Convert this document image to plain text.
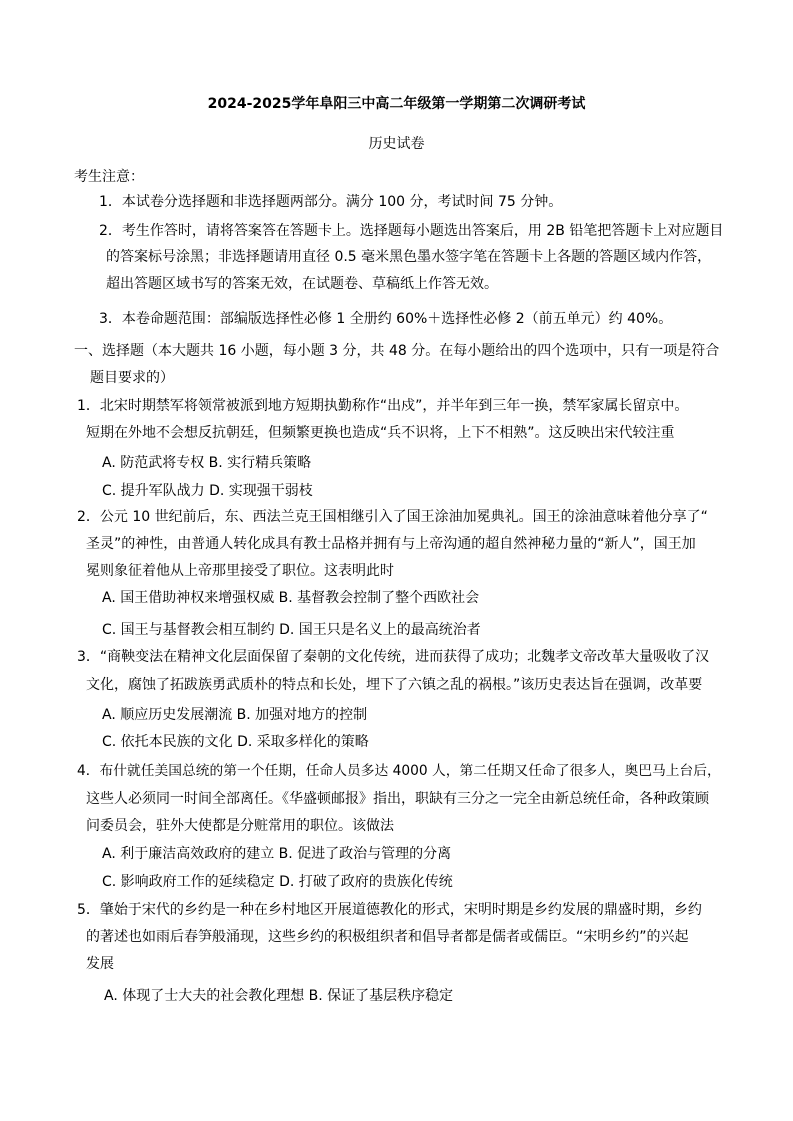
2024-2025学年阜阳三中高二年级第一学期第二次调研考试
历史试卷
考生注意：
1．本试卷分选择题和非选择题两部分。满分 100 分，考试时间 75 分钟。
2．考生作答时，请将答案答在答题卡上。选择题每小题选出答案后，用 2B 铅笔把答题卡上对应题目
的答案标号涂黑；非选择题请用直径 0.5 毫米黑色墨水签字笔在答题卡上各题的答题区域内作答，
超出答题区域书写的答案无效，在试题卷、草稿纸上作答无效。
3．本卷命题范围：部编版选择性必修 1 全册约 60%＋选择性必修 2（前五单元）约 40%。
一、选择题（本大题共 16 小题，每小题 3 分，共 48 分。在每小题给出的四个选项中，只有一项是符合
题目要求的）
1．北宋时期禁军将领常被派到地方短期执勤称作“出戍”，并半年到三年一换，禁军家属长留京中。
短期在外地不会想反抗朝廷，但频繁更换也造成“兵不识将，上下不相熟”。这反映出宋代较注重
A. 防范武将专权 B. 实行精兵策略
C. 提升军队战力 D. 实现强干弱枝
2．公元 10 世纪前后，东、西法兰克王国相继引入了国王涂油加冕典礼。国王的涂油意味着他分享了“
圣灵”的神性，由普通人转化成具有教士品格并拥有与上帝沟通的超自然神秘力量的“新人”，国王加
冕则象征着他从上帝那里接受了职位。这表明此时
A. 国王借助神权来增强权威 B. 基督教会控制了整个西欧社会
C. 国王与基督教会相互制约 D. 国王只是名义上的最高统治者
3．“商鞅变法在精神文化层面保留了秦朝的文化传统，进而获得了成功；北魏孝文帝改革大量吸收了汉
文化，腐蚀了拓跋族勇武质朴的特点和长处，埋下了六镇之乱的祸根。”该历史表达旨在强调，改革要
A. 顺应历史发展潮流 B. 加强对地方的控制
C. 依托本民族的文化 D. 采取多样化的策略
4．布什就任美国总统的第一个任期，任命人员多达 4000 人，第二任期又任命了很多人，奥巴马上台后，
这些人必须同一时间全部离任。《华盛顿邮报》指出，职缺有三分之一完全由新总统任命，各种政策顾
问委员会，驻外大使都是分赃常用的职位。该做法
A. 利于廉洁高效政府的建立 B. 促进了政治与管理的分离
C. 影响政府工作的延续稳定 D. 打破了政府的贵族化传统
5．肇始于宋代的乡约是一种在乡村地区开展道德教化的形式，宋明时期是乡约发展的鼎盛时期，乡约
的著述也如雨后春笋般涌现，这些乡约的积极组织者和倡导者都是儒者或儒臣。“宋明乡约”的兴起
发展
A. 体现了士大夫的社会教化理想 B. 保证了基层秩序稳定
